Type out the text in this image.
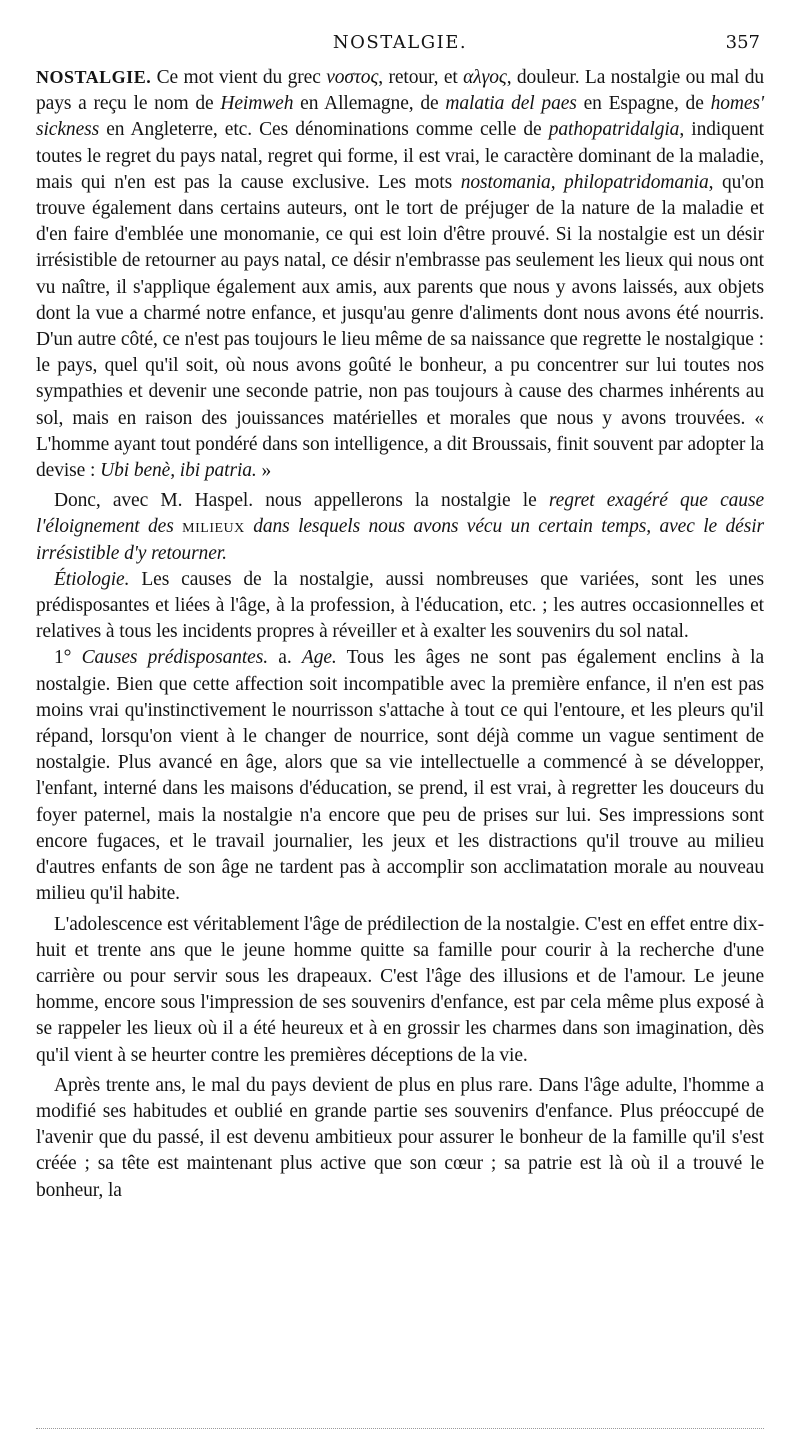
NOSTALGIE.	357

NOSTALGIE. Ce mot vient du grec νοστος, retour, et αλγος, douleur. La nostalgie ou mal du pays a reçu le nom de Heimweh en Allemagne, de malatia del paes en Espagne, de homes' sickness en Angleterre, etc. Ces dénominations comme celle de pathopatridalgia, indiquent toutes le regret du pays natal, regret qui forme, il est vrai, le caractère dominant de la maladie, mais qui n'en est pas la cause exclusive. Les mots nostomania, philopatridomania, qu'on trouve également dans certains auteurs, ont le tort de préjuger de la nature de la maladie et d'en faire d'emblée une monomanie, ce qui est loin d'être prouvé. Si la nostalgie est un désir irrésistible de retourner au pays natal, ce désir n'embrasse pas seulement les lieux qui nous ont vu naître, il s'applique également aux amis, aux parents que nous y avons laissés, aux objets dont la vue a charmé notre enfance, et jusqu'au genre d'aliments dont nous avons été nourris. D'un autre côté, ce n'est pas toujours le lieu même de sa naissance que regrette le nostalgique : le pays, quel qu'il soit, où nous avons goûté le bonheur, a pu concentrer sur lui toutes nos sympathies et devenir une seconde patrie, non pas toujours à cause des charmes inhérents au sol, mais en raison des jouissances matérielles et morales que nous y avons trouvées. « L'homme ayant tout pondéré dans son intelligence, a dit Broussais, finit souvent par adopter la devise : Ubi benè, ibi patria. »

Donc, avec M. Haspel. nous appellerons la nostalgie le regret exagéré que cause l'éloignement des milieux dans lesquels nous avons vécu un certain temps, avec le désir irrésistible d'y retourner.

Étiologie. Les causes de la nostalgie, aussi nombreuses que variées, sont les unes prédisposantes et liées à l'âge, à la profession, à l'éducation, etc. ; les autres occasionnelles et relatives à tous les incidents propres à réveiller et à exalter les souvenirs du sol natal.

1° Causes prédisposantes. a. Age. Tous les âges ne sont pas également enclins à la nostalgie. Bien que cette affection soit incompatible avec la première enfance, il n'en est pas moins vrai qu'instinctivement le nourrisson s'attache à tout ce qui l'entoure, et les pleurs qu'il répand, lorsqu'on vient à le changer de nourrice, sont déjà comme un vague sentiment de nostalgie. Plus avancé en âge, alors que sa vie intellectuelle a commencé à se développer, l'enfant, interné dans les maisons d'éducation, se prend, il est vrai, à regretter les douceurs du foyer paternel, mais la nostalgie n'a encore que peu de prises sur lui. Ses impressions sont encore fugaces, et le travail journalier, les jeux et les distractions qu'il trouve au milieu d'autres enfants de son âge ne tardent pas à accomplir son acclimatation morale au nouveau milieu qu'il habite.

L'adolescence est véritablement l'âge de prédilection de la nostalgie. C'est en effet entre dix-huit et trente ans que le jeune homme quitte sa famille pour courir à la recherche d'une carrière ou pour servir sous les drapeaux. C'est l'âge des illusions et de l'amour. Le jeune homme, encore sous l'impression de ses souvenirs d'enfance, est par cela même plus exposé à se rappeler les lieux où il a été heureux et à en grossir les charmes dans son imagination, dès qu'il vient à se heurter contre les premières déceptions de la vie.

Après trente ans, le mal du pays devient de plus en plus rare. Dans l'âge adulte, l'homme a modifié ses habitudes et oublié en grande partie ses souvenirs d'enfance. Plus préoccupé de l'avenir que du passé, il est devenu ambitieux pour assurer le bonheur de la famille qu'il s'est créée ; sa tête est maintenant plus active que son cœur ; sa patrie est là où il a trouvé le bonheur, la
